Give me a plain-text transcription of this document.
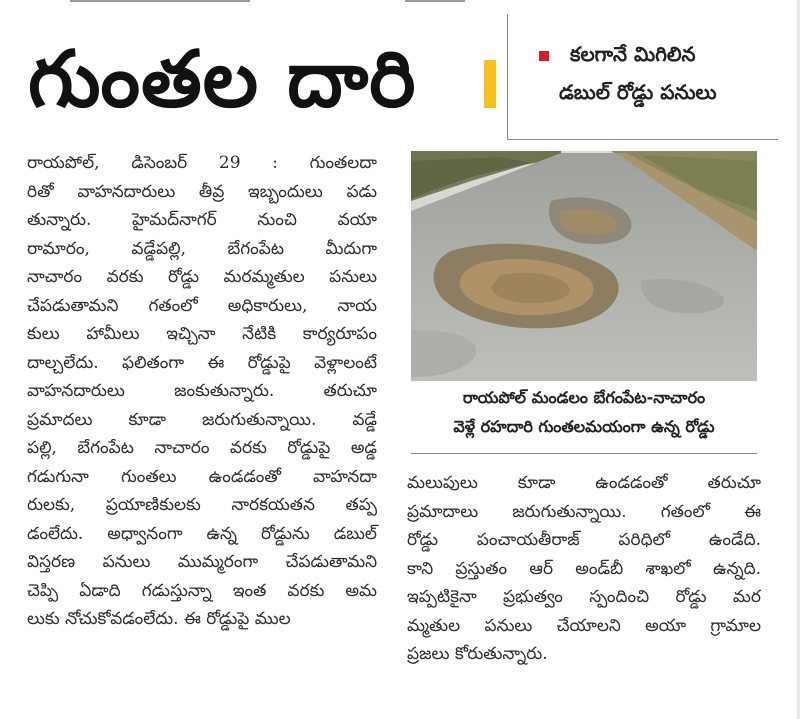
గుంతల దారి	కలగానే మిగిలిన
డబుల్ రోడ్డు పనులు
రాయపోల్, డిసెంబర్ 29 : గుంతలదా
రితో వాహనదారులు తీవ్ర ఇబ్బందులు పడు
తున్నారు. హైమద్‌నాగర్ నుంచి వయా
రామారం, వడ్డేపల్లి, బేగంపేట మీదుగా
నాచారం వరకు రోడ్డు మరమ్మతుల పనులు
చేపడుతామని గతంలో అధికారులు, నాయ
కులు హామీలు ఇచ్చినా నేటికి కార్యరూపం
దాల్చలేదు. ఫలితంగా ఈ రోడ్డుపై వెళ్లాలంటే
వాహనదారులు జంకుతున్నారు. తరుచూ
ప్రమాదలు కూడా జరుగుతున్నాయి. వడ్డే
పల్లి, బేగంపేట నాచారం వరకు రోడ్డుపై అడ్డ
గడుగునా గుంతలు ఉండడంతో వాహనదా
రులకు, ప్రయాణికులకు నారకయతన తప్ప
డంలేదు. అధ్వానంగా ఉన్న రోడ్డును డబుల్
విస్తరణ పనులు ముమ్మరంగా చేపడుతామని
చెప్పి ఏడాది గడుస్తున్నా ఇంత వరకు అమ
లుకు నోచుకోవడంలేదు. ఈ రోడ్డుపై ముల
రాయపోల్ మండలం బేగంపేట-నాచారం
వెళ్లే రహదారి గుంతలమయంగా ఉన్న రోడ్డు
మలుపులు కూడా ఉండడంతో తరుచూ
ప్రమాదాలు జరుగుతున్నాయి. గతంలో ఈ
రోడ్డు పంచాయతీరాజ్ పరిధిలో ఉండేది.
కాని ప్రస్తుతం ఆర్ అండ్‌బీ శాఖలో ఉన్నది.
ఇప్పటికైనా ప్రభుత్వం స్పందించి రోడ్డు మర
మ్మతుల పనులు చేయాలని అయా గ్రామాల
ప్రజలు కోరుతున్నారు.
